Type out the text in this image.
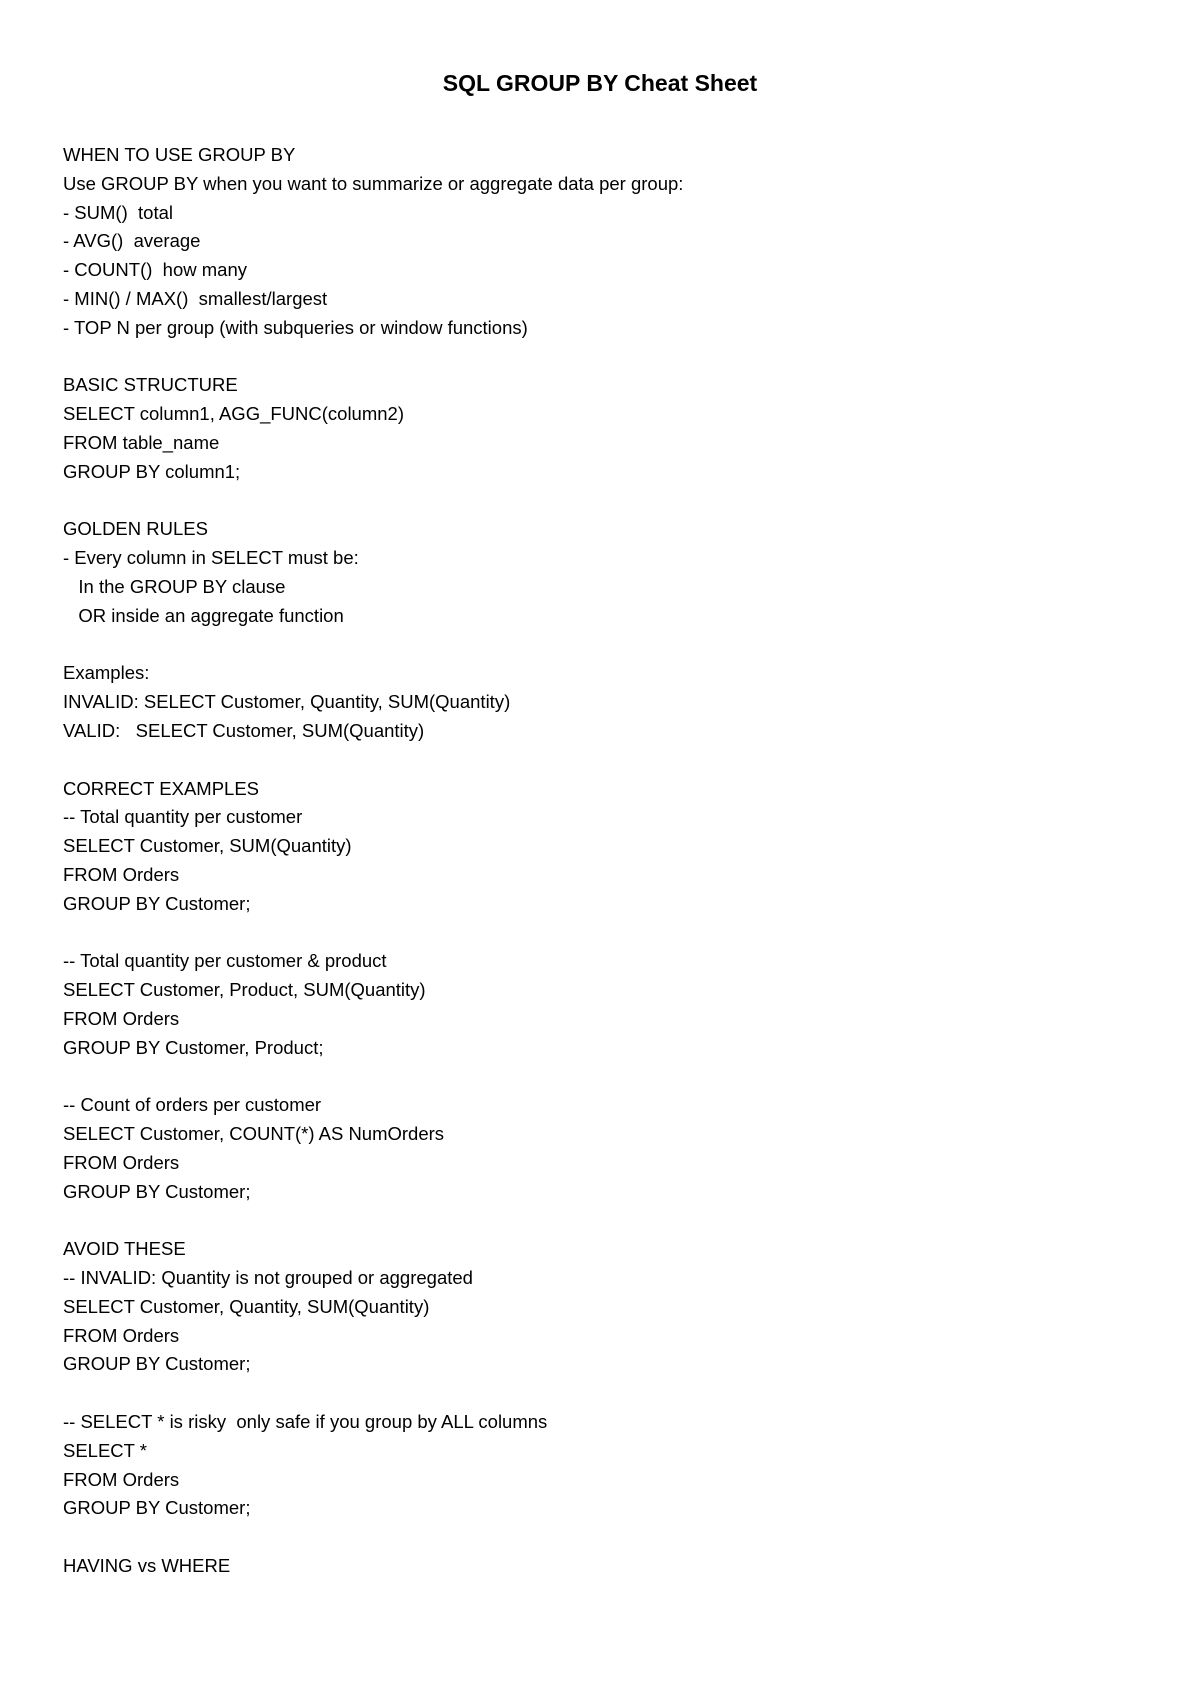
SQL GROUP BY Cheat Sheet
WHEN TO USE GROUP BY
Use GROUP BY when you want to summarize or aggregate data per group:
- SUM()  total
- AVG()  average
- COUNT()  how many
- MIN() / MAX()  smallest/largest
- TOP N per group (with subqueries or window functions)
BASIC STRUCTURE
SELECT column1, AGG_FUNC(column2)
FROM table_name
GROUP BY column1;
GOLDEN RULES
- Every column in SELECT must be:
In the GROUP BY clause
OR inside an aggregate function
Examples:
INVALID: SELECT Customer, Quantity, SUM(Quantity)
VALID:   SELECT Customer, SUM(Quantity)
CORRECT EXAMPLES
-- Total quantity per customer
SELECT Customer, SUM(Quantity)
FROM Orders
GROUP BY Customer;
-- Total quantity per customer & product
SELECT Customer, Product, SUM(Quantity)
FROM Orders
GROUP BY Customer, Product;
-- Count of orders per customer
SELECT Customer, COUNT(*) AS NumOrders
FROM Orders
GROUP BY Customer;
AVOID THESE
-- INVALID: Quantity is not grouped or aggregated
SELECT Customer, Quantity, SUM(Quantity)
FROM Orders
GROUP BY Customer;
-- SELECT * is risky  only safe if you group by ALL columns
SELECT *
FROM Orders
GROUP BY Customer;
HAVING vs WHERE
